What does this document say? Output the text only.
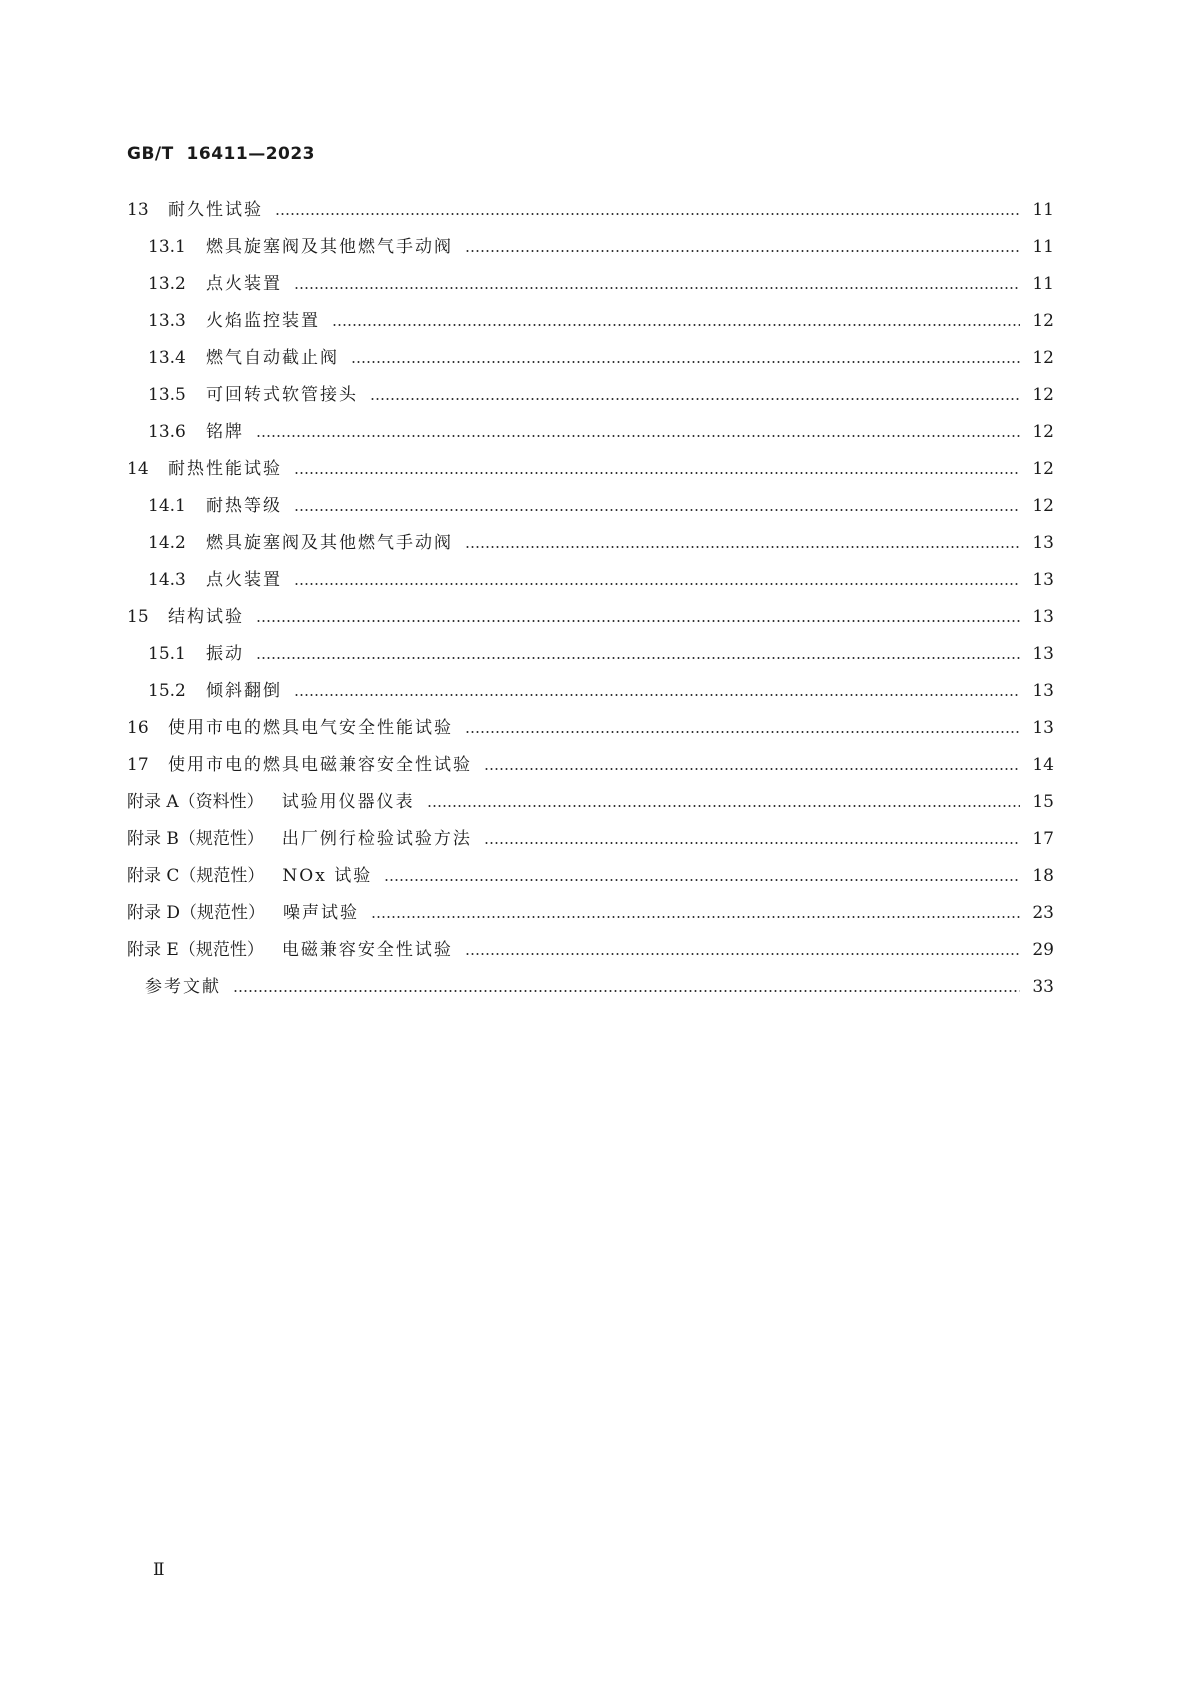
GB/T  16411—2023
13	耐久性试验	11
13.1	燃具旋塞阀及其他燃气手动阀	11
13.2	点火装置	11
13.3	火焰监控装置	12
13.4	燃气自动截止阀	12
13.5	可回转式软管接头	12
13.6	铭牌	12
14	耐热性能试验	12
14.1	耐热等级	12
14.2	燃具旋塞阀及其他燃气手动阀	13
14.3	点火装置	13
15	结构试验	13
15.1	振动	13
15.2	倾斜翻倒	13
16	使用市电的燃具电气安全性能试验	13
17	使用市电的燃具电磁兼容安全性试验	14
附录 A（资料性） 试验用仪器仪表	15
附录 B（规范性） 出厂例行检验试验方法	17
附录 C（规范性） NOx 试验	18
附录 D（规范性） 噪声试验	23
附录 E（规范性） 电磁兼容安全性试验	29
参考文献	33
Ⅱ
